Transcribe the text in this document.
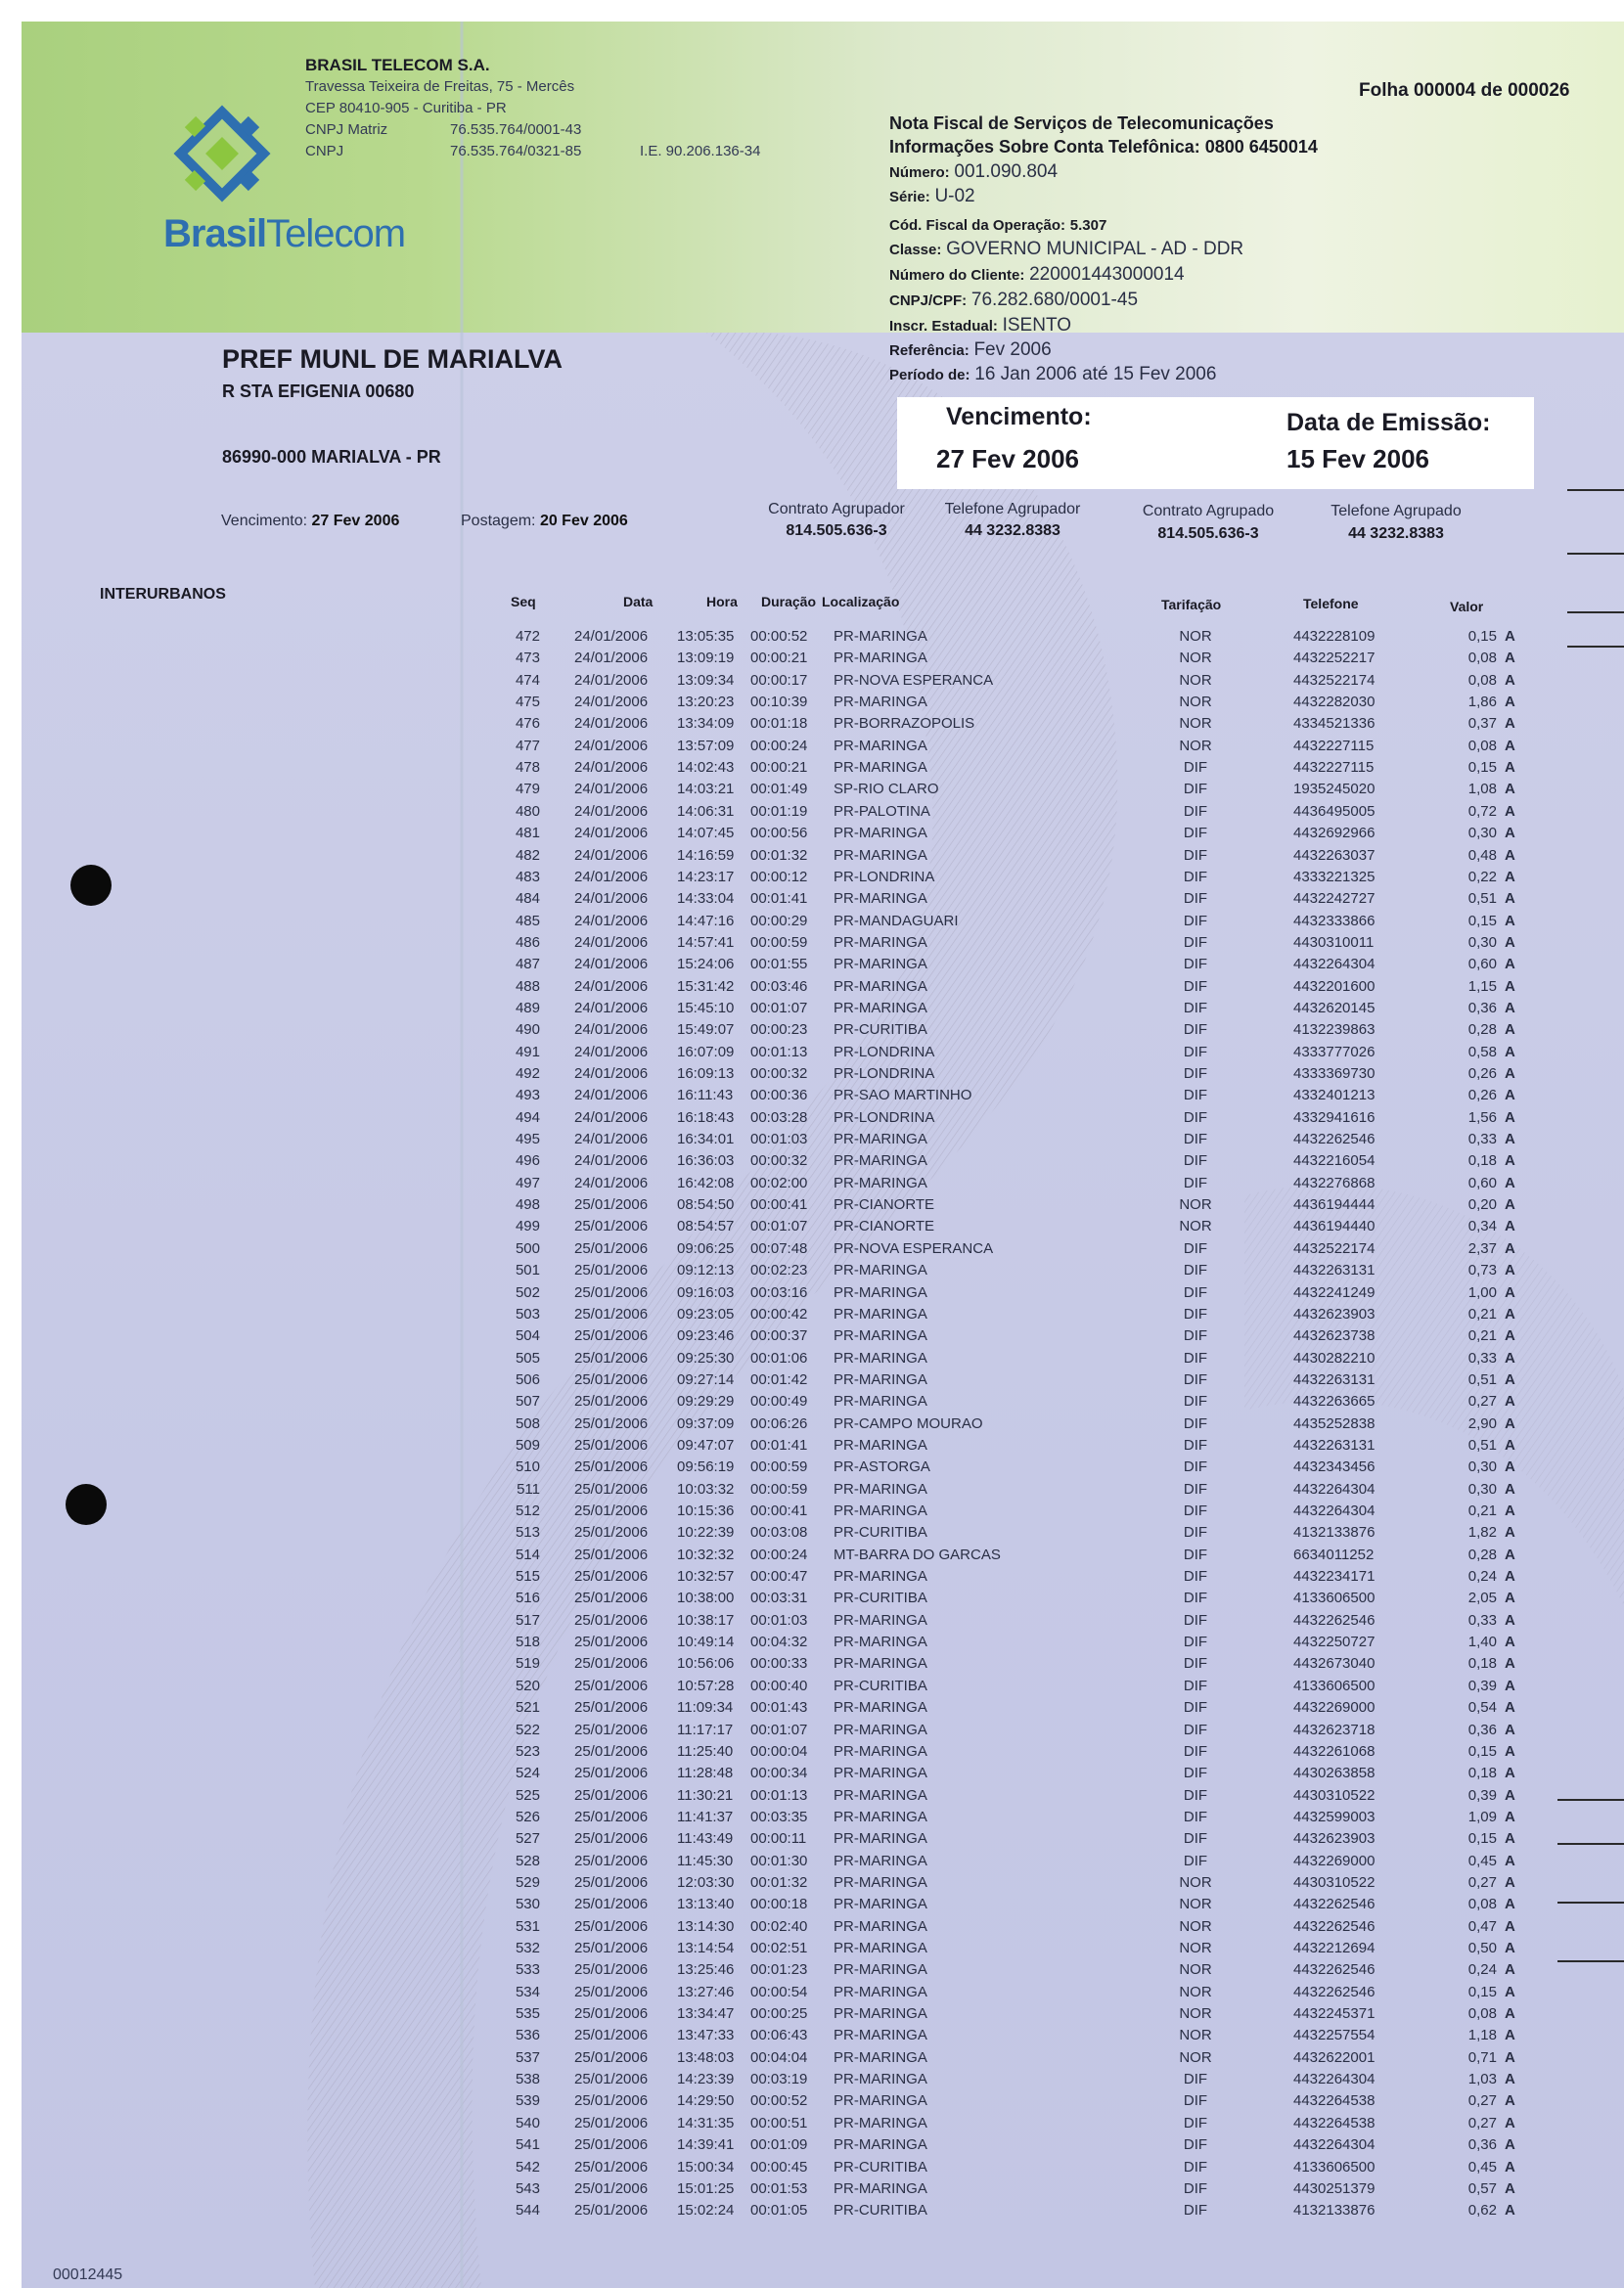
BrasilTelecom
BRASIL TELECOM S.A.
Travessa Teixeira de Freitas, 75 - Mercês
CEP 80410-905 - Curitiba - PR
CNPJ Matriz	76.535.764/0001-43
CNPJ	76.535.764/0321-85	I.E. 90.206.136-34
Folha 000004 de 000026
Nota Fiscal de Serviços de Telecomunicações
Informações Sobre Conta Telefônica: 0800 6450014
Número: 001.090.804
Série: U-02
Cód. Fiscal da Operação: 5.307
Classe: GOVERNO MUNICIPAL - AD - DDR
Número do Cliente: 220001443000014
CNPJ/CPF: 76.282.680/0001-45
Inscr. Estadual: ISENTO
Referência: Fev 2006
Período de: 16 Jan 2006 até 15 Fev 2006
PREF MUNL DE MARIALVA
R STA EFIGENIA 00680
86990-000 MARIALVA - PR
Vencimento:
27 Fev 2006
Data de Emissão:
15 Fev 2006
Vencimento: 27 Fev 2006	Postagem: 20 Fev 2006
Contrato Agrupador
814.505.636-3
Telefone Agrupador
44 3232.8383
Contrato Agrupado
814.505.636-3
Telefone Agrupado
44 3232.8383
INTERURBANOS	Seq	Data	Hora Duração Localização	Tarifação	Telefone	Valor
472 24/01/2006 13:05:35 00:00:52 PR-MARINGA	NOR	4432228109	0,15 A
473 24/01/2006 13:09:19 00:00:21 PR-MARINGA	NOR	4432252217	0,08 A
474 24/01/2006 13:09:34 00:00:17 PR-NOVA ESPERANCA	NOR	4432522174	0,08 A
475 24/01/2006 13:20:23 00:10:39 PR-MARINGA	NOR	4432282030	1,86 A
476 24/01/2006 13:34:09 00:01:18 PR-BORRAZOPOLIS	NOR	4334521336	0,37 A
477 24/01/2006 13:57:09 00:00:24 PR-MARINGA	NOR	4432227115	0,08 A
478 24/01/2006 14:02:43 00:00:21 PR-MARINGA	DIF	4432227115	0,15 A
479 24/01/2006 14:03:21 00:01:49 SP-RIO CLARO	DIF	1935245020	1,08 A
480 24/01/2006 14:06:31 00:01:19 PR-PALOTINA	DIF	4436495005	0,72 A
481 24/01/2006 14:07:45 00:00:56 PR-MARINGA	DIF	4432692966	0,30 A
482 24/01/2006 14:16:59 00:01:32 PR-MARINGA	DIF	4432263037	0,48 A
483 24/01/2006 14:23:17 00:00:12 PR-LONDRINA	DIF	4333221325	0,22 A
484 24/01/2006 14:33:04 00:01:41 PR-MARINGA	DIF	4432242727	0,51 A
485 24/01/2006 14:47:16 00:00:29 PR-MANDAGUARI	DIF	4432333866	0,15 A
486 24/01/2006 14:57:41 00:00:59 PR-MARINGA	DIF	4430310011	0,30 A
487 24/01/2006 15:24:06 00:01:55 PR-MARINGA	DIF	4432264304	0,60 A
488 24/01/2006 15:31:42 00:03:46 PR-MARINGA	DIF	4432201600	1,15 A
489 24/01/2006 15:45:10 00:01:07 PR-MARINGA	DIF	4432620145	0,36 A
490 24/01/2006 15:49:07 00:00:23 PR-CURITIBA	DIF	4132239863	0,28 A
491 24/01/2006 16:07:09 00:01:13 PR-LONDRINA	DIF	4333777026	0,58 A
492 24/01/2006 16:09:13 00:00:32 PR-LONDRINA	DIF	4333369730	0,26 A
493 24/01/2006 16:11:43 00:00:36 PR-SAO MARTINHO	DIF	4332401213	0,26 A
494 24/01/2006 16:18:43 00:03:28 PR-LONDRINA	DIF	4332941616	1,56 A
495 24/01/2006 16:34:01 00:01:03 PR-MARINGA	DIF	4432262546	0,33 A
496 24/01/2006 16:36:03 00:00:32 PR-MARINGA	DIF	4432216054	0,18 A
497 24/01/2006 16:42:08 00:02:00 PR-MARINGA	DIF	4432276868	0,60 A
498 25/01/2006 08:54:50 00:00:41 PR-CIANORTE	NOR	4436194444	0,20 A
499 25/01/2006 08:54:57 00:01:07 PR-CIANORTE	NOR	4436194440	0,34 A
500 25/01/2006 09:06:25 00:07:48 PR-NOVA ESPERANCA	DIF	4432522174	2,37 A
501 25/01/2006 09:12:13 00:02:23 PR-MARINGA	DIF	4432263131	0,73 A
502 25/01/2006 09:16:03 00:03:16 PR-MARINGA	DIF	4432241249	1,00 A
503 25/01/2006 09:23:05 00:00:42 PR-MARINGA	DIF	4432623903	0,21 A
504 25/01/2006 09:23:46 00:00:37 PR-MARINGA	DIF	4432623738	0,21 A
505 25/01/2006 09:25:30 00:01:06 PR-MARINGA	DIF	4430282210	0,33 A
506 25/01/2006 09:27:14 00:01:42 PR-MARINGA	DIF	4432263131	0,51 A
507 25/01/2006 09:29:29 00:00:49 PR-MARINGA	DIF	4432263665	0,27 A
508 25/01/2006 09:37:09 00:06:26 PR-CAMPO MOURAO	DIF	4435252838	2,90 A
509 25/01/2006 09:47:07 00:01:41 PR-MARINGA	DIF	4432263131	0,51 A
510 25/01/2006 09:56:19 00:00:59 PR-ASTORGA	DIF	4432343456	0,30 A
511 25/01/2006 10:03:32 00:00:59 PR-MARINGA	DIF	4432264304	0,30 A
512 25/01/2006 10:15:36 00:00:41 PR-MARINGA	DIF	4432264304	0,21 A
513 25/01/2006 10:22:39 00:03:08 PR-CURITIBA	DIF	4132133876	1,82 A
514 25/01/2006 10:32:32 00:00:24 MT-BARRA DO GARCAS	DIF	6634011252	0,28 A
515 25/01/2006 10:32:57 00:00:47 PR-MARINGA	DIF	4432234171	0,24 A
516 25/01/2006 10:38:00 00:03:31 PR-CURITIBA	DIF	4133606500	2,05 A
517 25/01/2006 10:38:17 00:01:03 PR-MARINGA	DIF	4432262546	0,33 A
518 25/01/2006 10:49:14 00:04:32 PR-MARINGA	DIF	4432250727	1,40 A
519 25/01/2006 10:56:06 00:00:33 PR-MARINGA	DIF	4432673040	0,18 A
520 25/01/2006 10:57:28 00:00:40 PR-CURITIBA	DIF	4133606500	0,39 A
521 25/01/2006 11:09:34 00:01:43 PR-MARINGA	DIF	4432269000	0,54 A
522 25/01/2006 11:17:17 00:01:07 PR-MARINGA	DIF	4432623718	0,36 A
523 25/01/2006 11:25:40 00:00:04 PR-MARINGA	DIF	4432261068	0,15 A
524 25/01/2006 11:28:48 00:00:34 PR-MARINGA	DIF	4430263858	0,18 A
525 25/01/2006 11:30:21 00:01:13 PR-MARINGA	DIF	4430310522	0,39 A
526 25/01/2006 11:41:37 00:03:35 PR-MARINGA	DIF	4432599003	1,09 A
527 25/01/2006 11:43:49 00:00:11 PR-MARINGA	DIF	4432623903	0,15 A
528 25/01/2006 11:45:30 00:01:30 PR-MARINGA	DIF	4432269000	0,45 A
529 25/01/2006 12:03:30 00:01:32 PR-MARINGA	NOR	4430310522	0,27 A
530 25/01/2006 13:13:40 00:00:18 PR-MARINGA	NOR	4432262546	0,08 A
531 25/01/2006 13:14:30 00:02:40 PR-MARINGA	NOR	4432262546	0,47 A
532 25/01/2006 13:14:54 00:02:51 PR-MARINGA	NOR	4432212694	0,50 A
533 25/01/2006 13:25:46 00:01:23 PR-MARINGA	NOR	4432262546	0,24 A
534 25/01/2006 13:27:46 00:00:54 PR-MARINGA	NOR	4432262546	0,15 A
535 25/01/2006 13:34:47 00:00:25 PR-MARINGA	NOR	4432245371	0,08 A
536 25/01/2006 13:47:33 00:06:43 PR-MARINGA	NOR	4432257554	1,18 A
537 25/01/2006 13:48:03 00:04:04 PR-MARINGA	NOR	4432622001	0,71 A
538 25/01/2006 14:23:39 00:03:19 PR-MARINGA	DIF	4432264304	1,03 A
539 25/01/2006 14:29:50 00:00:52 PR-MARINGA	DIF	4432264538	0,27 A
540 25/01/2006 14:31:35 00:00:51 PR-MARINGA	DIF	4432264538	0,27 A
541 25/01/2006 14:39:41 00:01:09 PR-MARINGA	DIF	4432264304	0,36 A
542 25/01/2006 15:00:34 00:00:45 PR-CURITIBA	DIF	4133606500	0,45 A
543 25/01/2006 15:01:25 00:01:53 PR-MARINGA	DIF	4430251379	0,57 A
544 25/01/2006 15:02:24 00:01:05 PR-CURITIBA	DIF	4132133876	0,62 A
00012445
